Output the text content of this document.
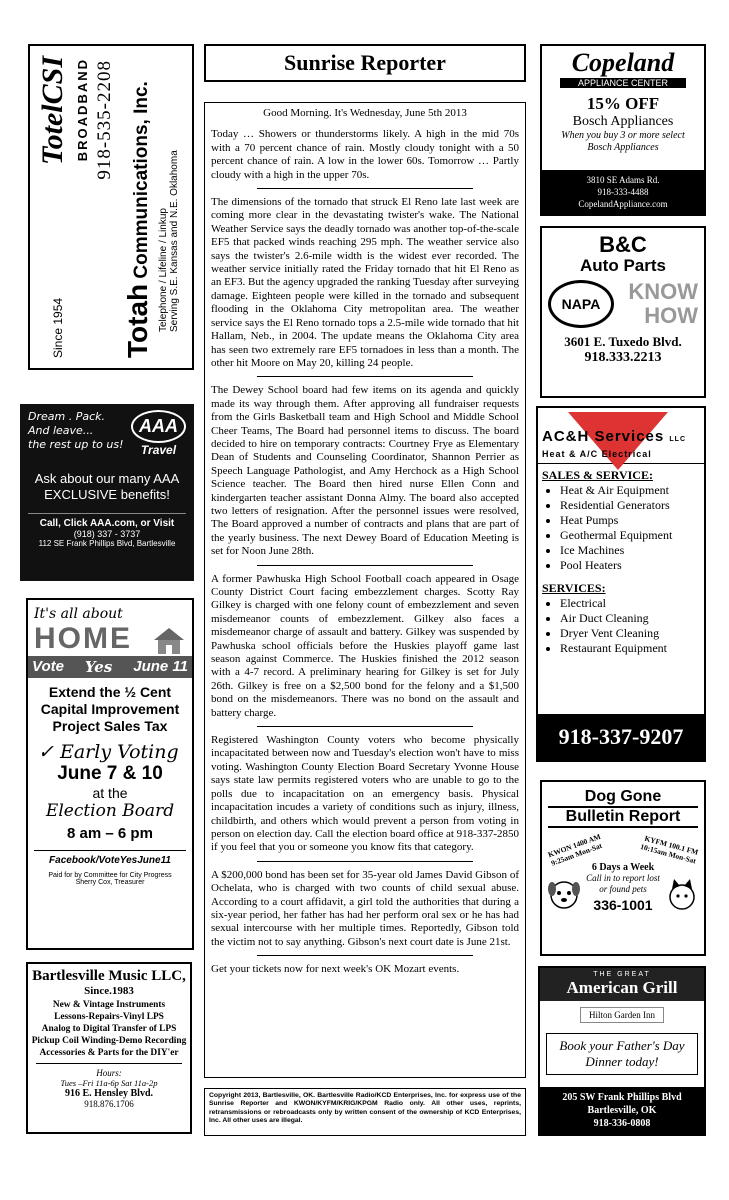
Since 1954
TotelCSI BROADBAND 918-535-2208
Totah Communications, Inc. Telephone / Lifeline / Linkup Serving S.E. Kansas and N.E. Oklahoma
Dream . Pack.
And leave...
the rest up to us!
AAA
Travel
Ask about our many AAA EXCLUSIVE benefits!
Call, Click AAA.com, or Visit
(918) 337 - 3737
112 SE Frank Phillips Blvd, Bartlesville
It's all about
HOME
Vote Yes June 11
Extend the ½ Cent Capital Improvement Project Sales Tax
✓ Early Voting
June 7 & 10
at the
Election Board
8 am – 6 pm
Facebook/VoteYesJune11
Paid for by Committee for City Progress
Sherry Cox, Treasurer
Bartlesville Music LLC,
Since.1983
New & Vintage Instruments
Lessons-Repairs-Vinyl LPS
Analog to Digital Transfer of LPS
Pickup Coil Winding-Demo Recording
Accessories & Parts for the DIY'er
Hours:
Tues –Fri 11a-6p Sat 11a-2p
916 E. Hensley Blvd.
918.876.1706
Sunrise Reporter
Good Morning. It's Wednesday, June 5th 2013

Today … Showers or thunderstorms likely. A high in the mid 70s with a 70 percent chance of rain. Mostly cloudy tonight with a 50 percent chance of rain. A low in the lower 60s. Tomorrow … Partly cloudy with a high in the upper 70s.

The dimensions of the tornado that struck El Reno late last week are coming more clear in the devastating twister's wake. The National Weather Service says the deadly tornado was another top-of-the-scale EF5 that packed winds reaching 295 mph. The weather service also says the twister's 2.6-mile width is the widest ever recorded. The weather service initially rated the Friday tornado that hit El Reno as an EF3. But the agency upgraded the ranking Tuesday after surveying damage. Eighteen people were killed in the tornado and subsequent flooding in the Oklahoma City metropolitan area. The weather service says the El Reno tornado tops a 2.5-mile wide tornado that hit Hallam, Neb., in 2004. The update means the Oklahoma City area has seen two extremely rare EF5 tornadoes in less than a month. The other hit Moore on May 20, killing 24 people.

The Dewey School board had few items on its agenda and quickly made its way through them. After approving all fundraiser requests from the Girls Basketball team and High School and Middle School Cheer Teams, The Board had personnel items to discuss. The board decided to hire on temporary contracts: Courtney Frye as Elementary Dean of Students and Counseling Coordinator, Shannon Perrier as Speech Language Pathologist, and Amy Herchock as a High School Science teacher. The Board then hired nurse Ellen Conn and kindergarten teacher assistant Donna Almy. The board also accepted two letters of resignation. After the personnel issues were resolved, The Board approved a number of contracts and plans that are part of the yearly business. The next Dewey Board of Education Meeting is set for Noon June 28th.

A former Pawhuska High School Football coach appeared in Osage County District Court facing embezzlement charges. Scotty Ray Gilkey is charged with one felony count of embezzlement and seven misdemeanor counts of embezzlement. Gilkey also faces a misdemeanor charge of assault and battery. Gilkey was suspended by Pawhuska school officials before the Huskies playoff game last season against Commerce. The Huskies finished the 2012 season with a 4-7 record. A preliminary hearing for Gilkey is set for July 26th. Gilkey is free on a $2,500 bond for the felony and a $1,500 bond on the misdemeanors. There was no bond on the assault and battery charge.

Registered Washington County voters who become physically incapacitated between now and Tuesday's election won't have to miss voting. Washington County Election Board Secretary Yvonne House says state law permits registered voters who are unable to go to the polls due to incapacitation on an emergency basis. Physical incapacitation incudes a variety of conditions such as injury, illness, childbirth, and others which would prevent a person from voting in person on election day. Call the election board office at 918-337-2850 if you feel that you or someone you know fits that category.

A $200,000 bond has been set for 35-year old James David Gibson of Ochelata, who is charged with two counts of child sexual abuse. According to a court affidavit, a girl told the authorities that during a six-year period, her father has had her perform oral sex or he has had sexual intercourse with her multiple times. Reportedly, Gibson told the victim not to say anything. Gibson's next court date is June 21st.

Get your tickets now for next week's OK Mozart events.

Copyright 2013, Bartlesville, OK. Bartlesville Radio/KCD Enterprises, Inc. for express use of the Sunrise Reporter and KWON/KYFM/KRIG/KPGM Radio only. All other uses, reprints, retransmissions or rebroadcasts only by written consent of the ownership of KCD Enterprises, Inc. All other uses are illegal.
Copeland
APPLIANCE CENTER
15% OFF
Bosch Appliances
When you buy 3 or more select Bosch Appliances
3810 SE Adams Rd.
918-333-4488
CopelandAppliance.com
B&C
Auto Parts
NAPA	KNOW
HOW
3601 E. Tuxedo Blvd.
918.333.2213
AC&H Services LLC
Heat & A/C Electrical
SALES & SERVICE:
• Heat & Air Equipment
• Residential Generators
• Heat Pumps
• Geothermal Equipment
• Ice Machines
• Pool Heaters
SERVICES:
• Electrical
• Air Duct Cleaning
• Dryer Vent Cleaning
• Restaurant Equipment
918-337-9207
Dog Gone
Bulletin Report
KWON 1400 AM 9:25am Mon-Sat	KYFM 100.1 FM 10:15am Mon-Sat
6 Days a Week
Call in to report lost or found pets
336-1001
THE GREAT
American Grill
Hilton Garden Inn
Book your Father's Day Dinner today!
205 SW Frank Phillips Blvd
Bartlesville, OK
918-336-0808
